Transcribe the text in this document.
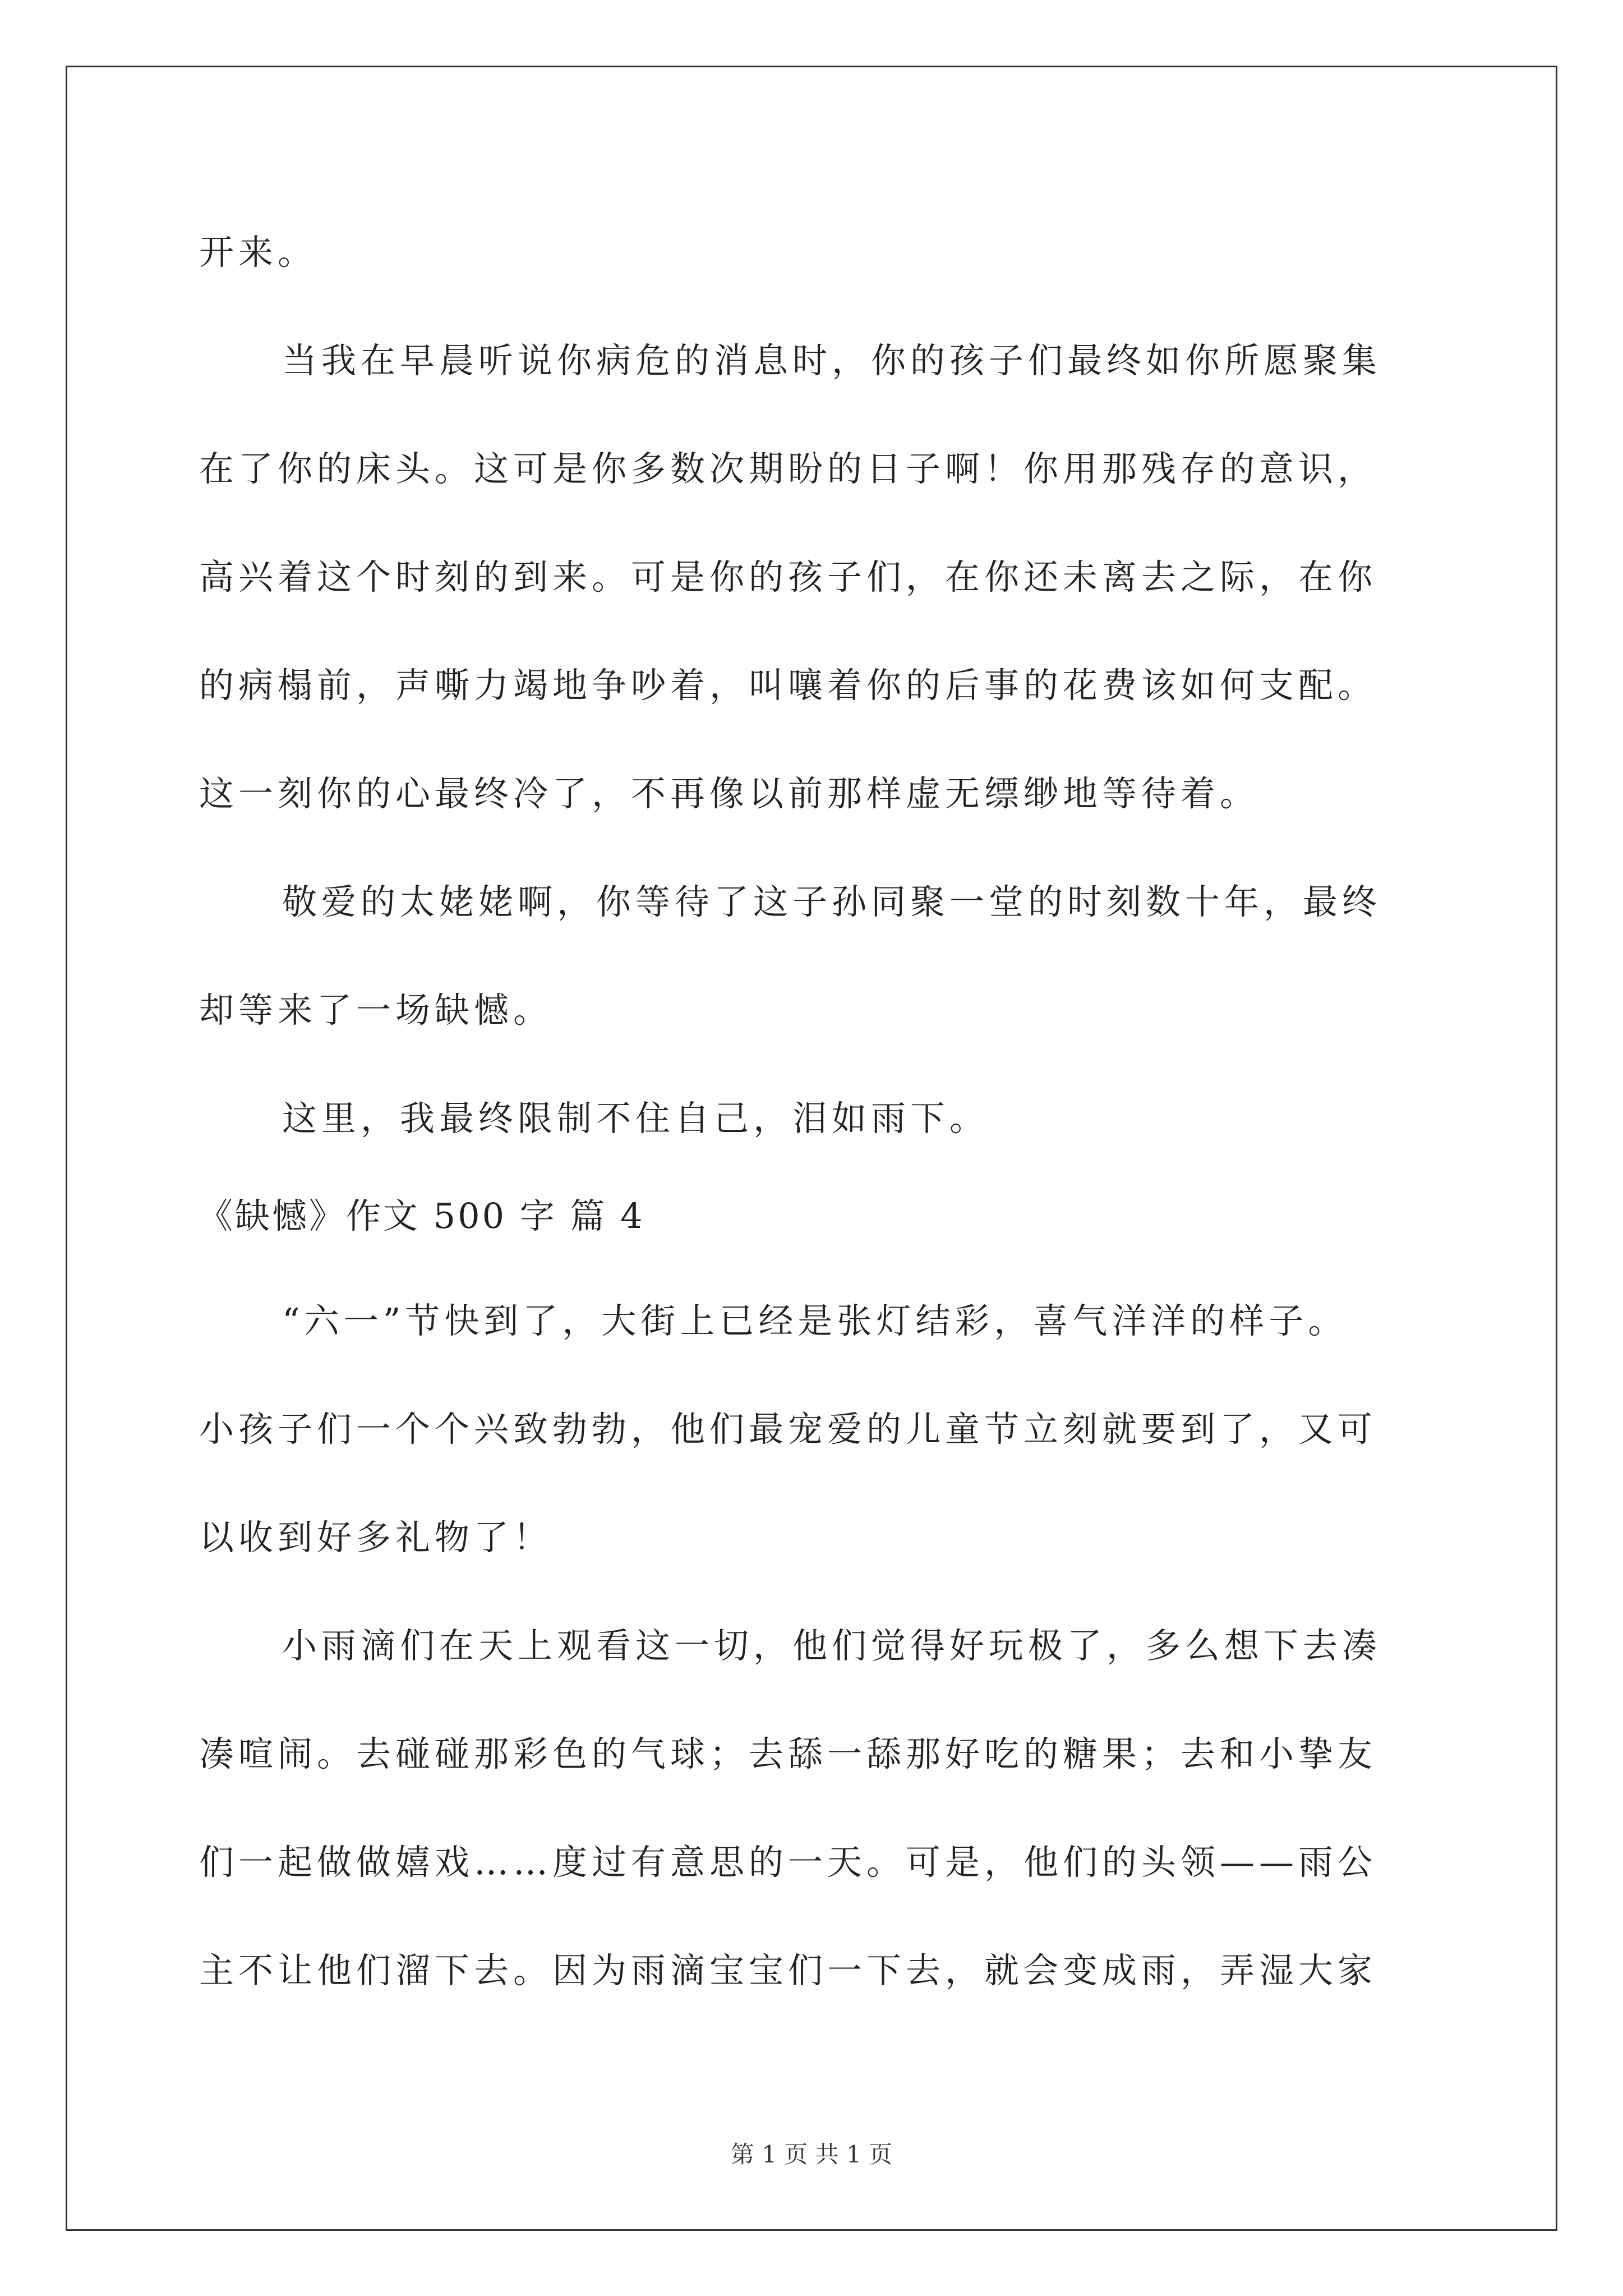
开来。
当我在早晨听说你病危的消息时，你的孩子们最终如你所愿聚集
在了你的床头。这可是你多数次期盼的日子啊！你用那残存的意识，
高兴着这个时刻的到来。可是你的孩子们，在你还未离去之际，在你
的病榻前，声嘶力竭地争吵着，叫嚷着你的后事的花费该如何支配。
这一刻你的心最终冷了，不再像以前那样虚无缥缈地等待着。
敬爱的太姥姥啊，你等待了这子孙同聚一堂的时刻数十年，最终
却等来了一场缺憾。
这里，我最终限制不住自己，泪如雨下。
《缺憾》作文 500 字 篇 4
“六一”节快到了，大街上已经是张灯结彩，喜气洋洋的样子。
小孩子们一个个兴致勃勃，他们最宠爱的儿童节立刻就要到了，又可
以收到好多礼物了！
小雨滴们在天上观看这一切，他们觉得好玩极了，多么想下去凑
凑喧闹。去碰碰那彩色的气球；去舔一舔那好吃的糖果；去和小挚友
们一起做做嬉戏……度过有意思的一天。可是，他们的头领——雨公
主不让他们溜下去。因为雨滴宝宝们一下去，就会变成雨，弄湿大家
第 1 页 共 1 页
